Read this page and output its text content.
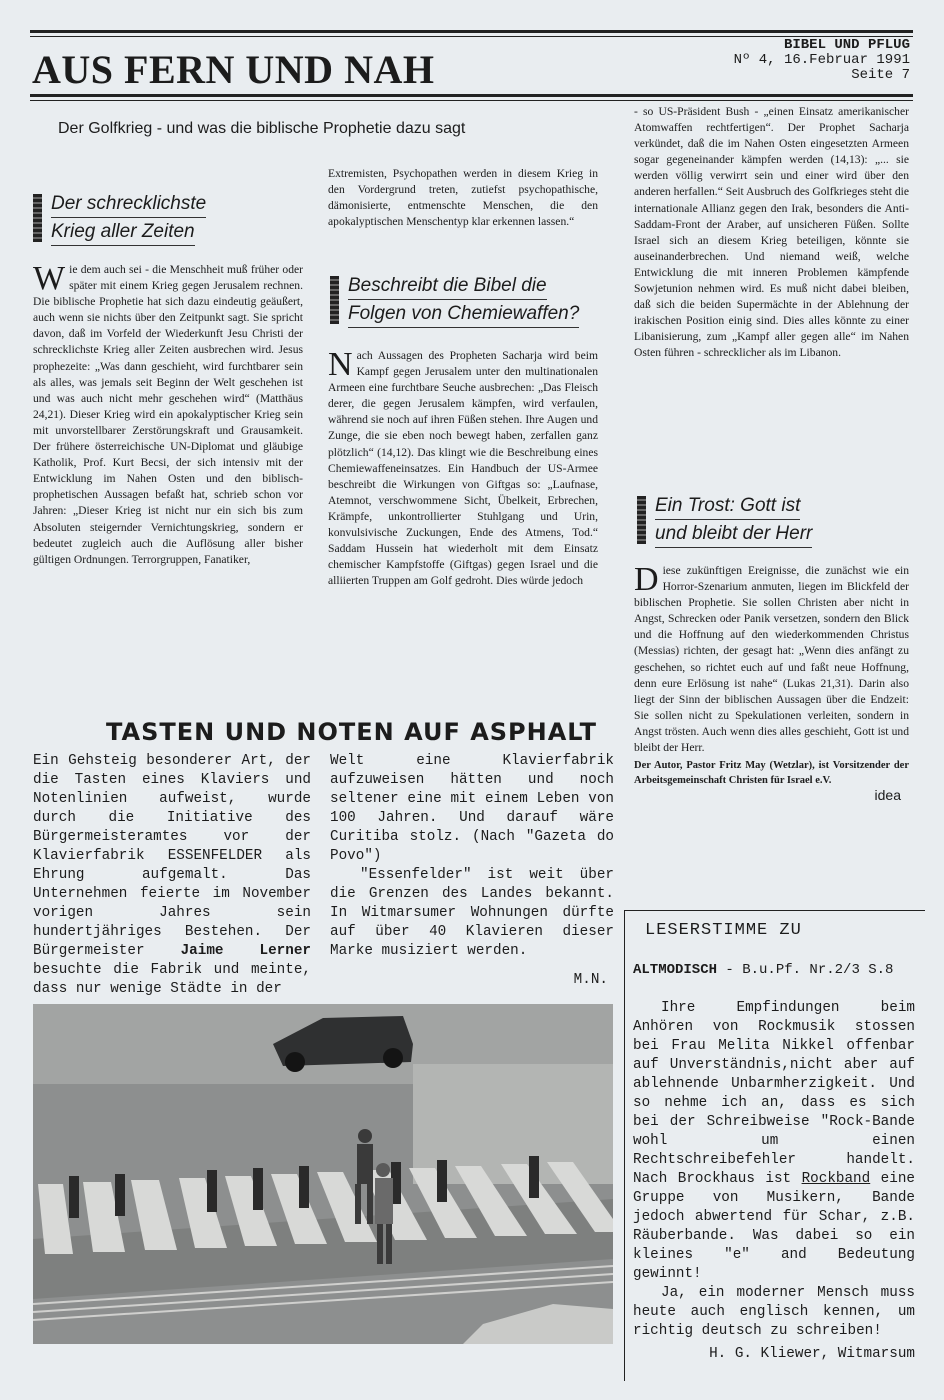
AUS FERN UND NAH
BIBEL UND PFLUG
Nº 4, 16.Februar 1991
Seite 7
Der Golfkrieg - und was die biblische Prophetie dazu sagt
Der schrecklichste
Krieg aller Zeiten
W ie dem auch sei - die Menschheit muß früher oder später mit einem Krieg gegen Jerusalem rechnen. Die biblische Prophetie hat sich dazu eindeutig geäußert, auch wenn sie nichts über den Zeitpunkt sagt. Sie spricht davon, daß im Vorfeld der Wiederkunft Jesu Christi der schrecklichste Krieg aller Zeiten ausbrechen wird. Jesus prophezeite: „Was dann geschieht, wird furchtbarer sein als alles, was jemals seit Beginn der Welt geschehen ist und was auch nicht mehr geschehen wird“ (Matthäus 24,21). Dieser Krieg wird ein apokalyptischer Krieg sein mit unvorstellbarer Zerstörungskraft und Grausamkeit. Der frühere österreichische UN-Diplomat und gläubige Katholik, Prof. Kurt Becsi, der sich intensiv mit der Entwicklung im Nahen Osten und den biblisch-prophetischen Aussagen befaßt hat, schrieb schon vor Jahren: „Dieser Krieg ist nicht nur ein sich bis zum Absoluten steigernder Vernichtungskrieg, sondern er bedeutet zugleich auch die Auflösung aller bisher gültigen Ordnungen. Terrorgruppen, Fanatiker,

Extremisten, Psychopathen werden in diesem Krieg in den Vordergrund treten, zutiefst psychopathische, dämonisierte, entmenschte Menschen, die den apokalyptischen Menschentyp klar erkennen lassen.“

Beschreibt die Bibel die
Folgen von Chemiewaffen?
N ach Aussagen des Propheten Sacharja wird beim Kampf gegen Jerusalem unter den multinationalen Armeen eine furchtbare Seuche ausbrechen: „Das Fleisch derer, die gegen Jerusalem kämpfen, wird verfaulen, während sie noch auf ihren Füßen stehen. Ihre Augen und Zunge, die sie eben noch bewegt haben, zerfallen ganz plötzlich“ (14,12). Das klingt wie die Beschreibung eines Chemiewaffeneinsatzes. Ein Handbuch der US-Armee beschreibt die Wirkungen von Giftgas so: „Laufnase, Atemnot, verschwommene Sicht, Übelkeit, Erbrechen, Krämpfe, unkontrollierter Stuhlgang und Urin, konvulsivische Zuckungen, Ende des Atmens, Tod.“ Saddam Hussein hat wiederholt mit dem Einsatz chemischer Kampfstoffe (Giftgas) gegen Israel und die alliierten Truppen am Golf gedroht. Dies würde jedoch

- so US-Präsident Bush - „einen Einsatz amerikanischer Atomwaffen rechtfertigen“. Der Prophet Sacharja verkündet, daß die im Nahen Osten eingesetzten Armeen sogar gegeneinander kämpfen werden (14,13): „... sie werden völlig verwirrt sein und einer wird über den anderen herfallen.“ Seit Ausbruch des Golfkrieges steht die internationale Allianz gegen den Irak, besonders die Anti-Saddam-Front der Araber, auf unsicheren Füßen. Sollte Israel sich an diesem Krieg beteiligen, könnte sie auseinanderbrechen. Und niemand weiß, welche Entwicklung die mit inneren Problemen kämpfende Sowjetunion nehmen wird. Es muß nicht dabei bleiben, daß sich die beiden Supermächte in der Ablehnung der irakischen Position einig sind. Dies alles könnte zu einer Libanisierung, zum „Kampf aller gegen alle“ im Nahen Osten führen - schrecklicher als im Libanon.

Ein Trost: Gott ist
und bleibt der Herr
D iese zukünftigen Ereignisse, die zunächst wie ein Horror-Szenarium anmuten, liegen im Blickfeld der biblischen Prophetie. Sie sollen Christen aber nicht in Angst, Schrecken oder Panik versetzen, sondern den Blick und die Hoffnung auf den wiederkommenden Christus (Messias) richten, der gesagt hat: „Wenn dies anfängt zu geschehen, so richtet euch auf und faßt neue Hoffnung, denn eure Erlösung ist nahe“ (Lukas 21,31). Darin also liegt der Sinn der biblischen Aussagen über die Endzeit: Sie sollen nicht zu Spekulationen verleiten, sondern in Angst trösten. Auch wenn dies alles geschieht, Gott ist und bleibt der Herr.

Der Autor, Pastor Fritz May (Wetzlar), ist Vorsitzender der Arbeitsgemeinschaft Christen für Israel e.V.

idea

TASTEN UND NOTEN AUF ASPHALT

Ein Gehsteig besonderer Art, der die Tasten eines Klaviers und Notenlinien aufweist, wurde durch die Initiative des Bürgermeisteramtes vor der Klavierfabrik ESSENFELDER als Ehrung aufgemalt. Das Unternehmen feierte im November vorigen Jahres sein hundertjähriges Bestehen. Der Bürgermeister	Jaime Lerner besuchte die Fabrik und meinte, dass nur wenige Städte in der

Welt eine Klavierfabrik aufzuweisen hätten und noch seltener eine mit einem Leben von 100 Jahren. Und darauf wäre Curitiba stolz. (Nach "Gazeta do Povo")

"Essenfelder" ist weit über die Grenzen des Landes bekannt. In Witmarsumer Wohnungen dürfte auf über 40 Klavieren dieser Marke musiziert werden.

M.N.

LESERSTIMME ZU
ALTMODISCH - B.u.Pf. Nr.2/3 S.8

Ihre Empfindungen beim Anhören von Rockmusik stossen bei Frau Melita Nikkel offenbar auf Unverständnis,nicht aber auf ablehnende Unbarmherzigkeit. Und so nehme ich an, dass es sich bei der Schreibweise "Rock-Bande wohl um einen Rechtschreibefehler handelt. Nach Brockhaus ist Rockband eine Gruppe von Musikern, Bande jedoch abwertend für Schar, z.B. Räuberbande. Was dabei so ein kleines "e" and Bedeutung gewinnt!

Ja, ein moderner Mensch muss heute auch englisch kennen, um richtig deutsch zu schreiben!

H. G. Kliewer, Witmarsum
